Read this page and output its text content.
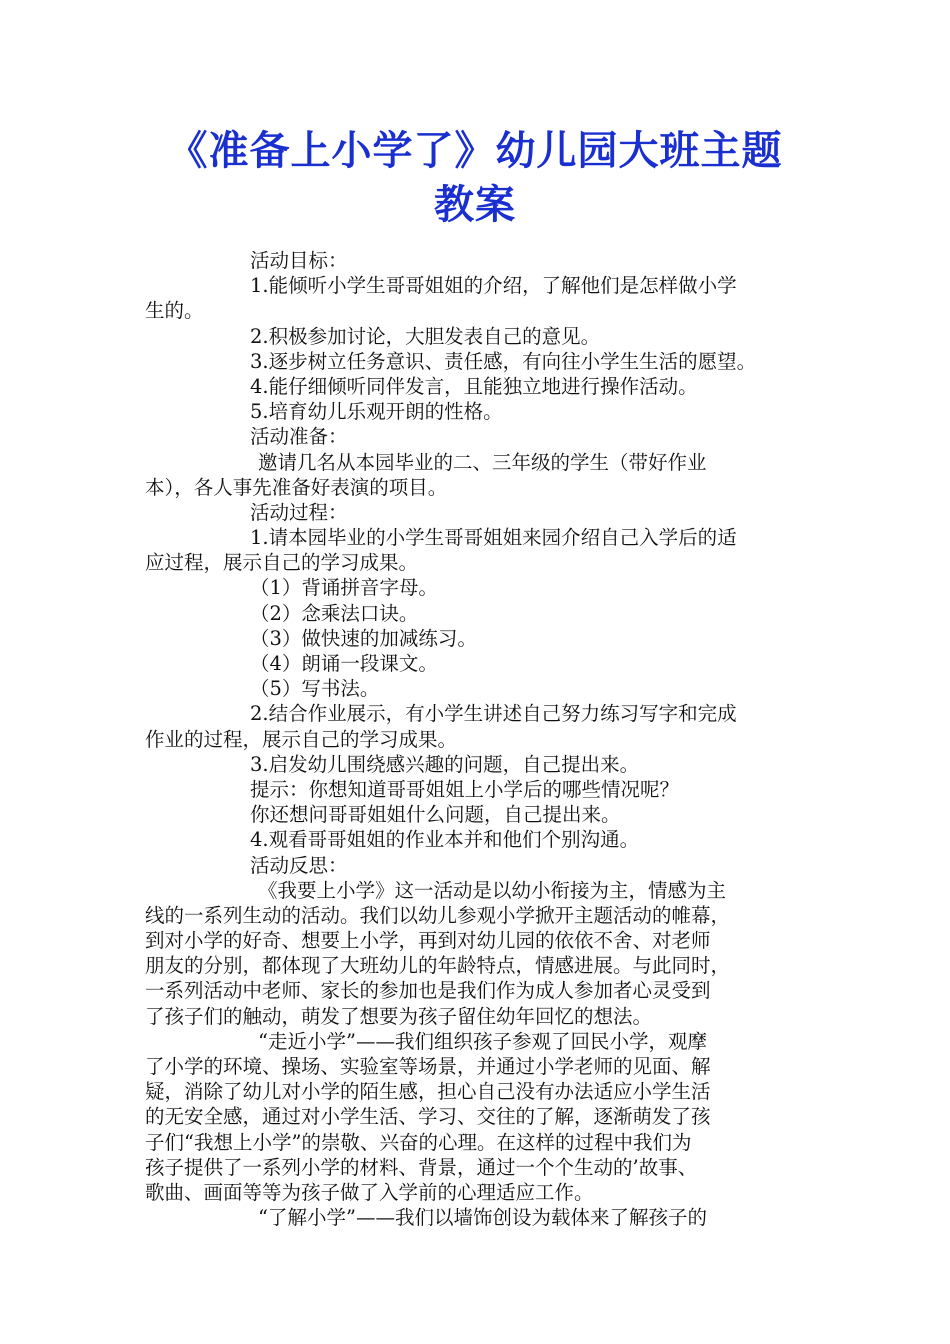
《准备上小学了》幼儿园大班主题
教案
活动目标：
1.能倾听小学生哥哥姐姐的介绍，了解他们是怎样做小学
生的。
2.积极参加讨论，大胆发表自己的意见。
3.逐步树立任务意识、责任感，有向往小学生生活的愿望。
4.能仔细倾听同伴发言，且能独立地进行操作活动。
5.培育幼儿乐观开朗的性格。
活动准备：
邀请几名从本园毕业的二、三年级的学生（带好作业
本），各人事先准备好表演的项目。
活动过程：
1.请本园毕业的小学生哥哥姐姐来园介绍自己入学后的适
应过程，展示自己的学习成果。
（1）背诵拼音字母。
（2）念乘法口诀。
（3）做快速的加减练习。
（4）朗诵一段课文。
（5）写书法。
2.结合作业展示，有小学生讲述自己努力练习写字和完成
作业的过程，展示自己的学习成果。
3.启发幼儿围绕感兴趣的问题，自己提出来。
提示：你想知道哥哥姐姐上小学后的哪些情况呢？
你还想问哥哥姐姐什么问题，自己提出来。
4.观看哥哥姐姐的作业本并和他们个别沟通。
活动反思：
《我要上小学》这一活动是以幼小衔接为主，情感为主
线的一系列生动的活动。我们以幼儿参观小学掀开主题活动的帷幕，
到对小学的好奇、想要上小学，再到对幼儿园的依依不舍、对老师
朋友的分别，都体现了大班幼儿的年龄特点，情感进展。与此同时，
一系列活动中老师、家长的参加也是我们作为成人参加者心灵受到
了孩子们的触动，萌发了想要为孩子留住幼年回忆的想法。
“走近小学”——我们组织孩子参观了回民小学，观摩
了小学的环境、操场、实验室等场景，并通过小学老师的见面、解
疑，消除了幼儿对小学的陌生感，担心自己没有办法适应小学生活
的无安全感，通过对小学生活、学习、交往的了解，逐渐萌发了孩
子们“我想上小学”的崇敬、兴奋的心理。在这样的过程中我们为
孩子提供了一系列小学的材料、背景，通过一个个生动的’故事、
歌曲、画面等等为孩子做了入学前的心理适应工作。
“了解小学”——我们以墙饰创设为载体来了解孩子的
